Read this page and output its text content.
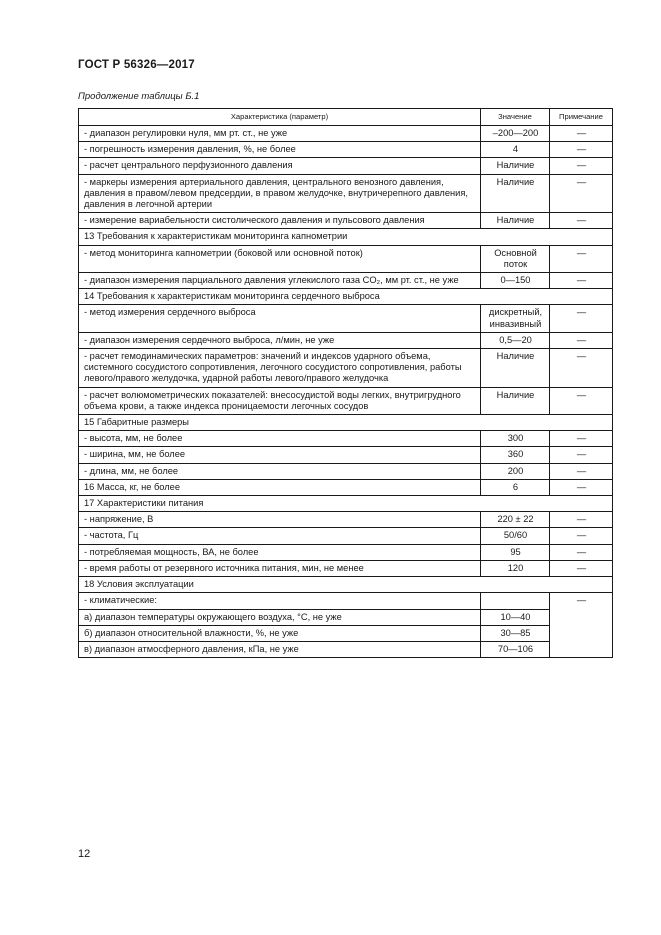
ГОСТ Р 56326—2017
Продолжение таблицы Б.1
Характеристика (параметр)	Значение	Примечание
- диапазон регулировки нуля, мм рт. ст., не уже	–200—200	—
- погрешность измерения давления, %, не более	4	—
- расчет центрального перфузионного давления	Наличие	—
- маркеры измерения артериального давления, центрального венозного давления, давления в правом/левом предсердии, в правом желудочке, внутричерепного давления, давления в легочной артерии	Наличие	—
- измерение вариабельности систолического давления и пульсового давления	Наличие	—
13 Требования к характеристикам мониторинга капнометрии		
- метод мониторинга капнометрии (боковой или основной поток)	Основной поток	—
- диапазон измерения парциального давления углекислого газа CO₂, мм рт. ст., не уже	0—150	—
14 Требования к характеристикам мониторинга сердечного выброса		
- метод измерения сердечного выброса	дискретный, инвазивный	—
- диапазон измерения сердечного выброса, л/мин, не уже	0,5—20	—
- расчет гемодинамических параметров: значений и индексов ударного объема, системного сосудистого сопротивления, легочного сосудистого сопротивления, работы левого/правого желудочка, ударной работы левого/правого желудочка	Наличие	—
- расчет волюмометрических показателей: внесосудистой воды легких, внутригрудного объема крови, а также индекса проницаемости легочных сосудов	Наличие	—
15 Габаритные размеры		
- высота, мм, не более	300	—
- ширина, мм, не более	360	—
- длина, мм, не более	200	—
16 Масса, кг, не более	6	—
17 Характеристики питания		
- напряжение, В	220 ± 22	—
- частота, Гц	50/60	—
- потребляемая мощность, ВА, не более	95	—
- время работы от резервного источника питания, мин, не менее	120	—
18 Условия эксплуатации		
- климатические:		—
а) диапазон температуры окружающего воздуха, °С, не уже	10—40	
б) диапазон относительной влажности, %, не уже	30—85	
в) диапазон атмосферного давления, кПа, не уже	70—106	
12
